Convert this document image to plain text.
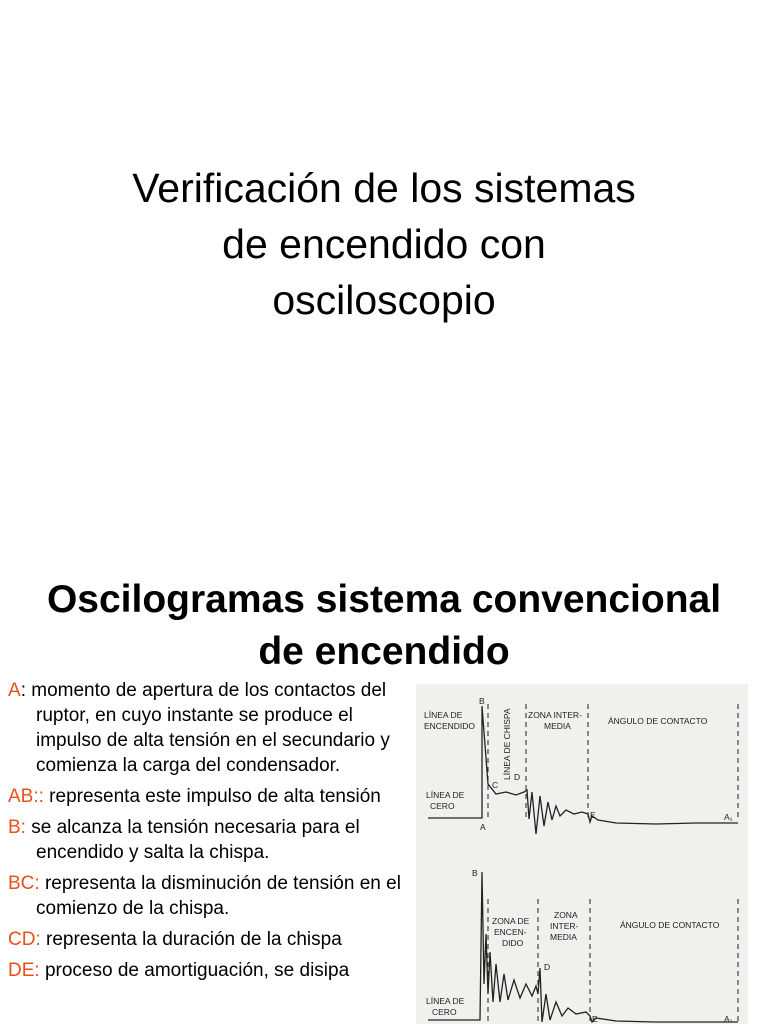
Verificación de los sistemas
de encendido con
osciloscopio
Oscilogramas sistema convencional
de encendido
A: momento de apertura de los contactos del ruptor, en cuyo instante se produce el impulso de alta tensión en el secundario y comienza la carga del condensador.
AB:: representa este impulso de alta tensión
B: se alcanza la tensión necesaria para el encendido y salta la chispa.
BC: representa la disminución de tensión en el comienzo de la chispa.
CD: representa la duración de la chispa
DE: proceso de amortiguación, se disipa
LÍNEA DE
ENCENDIDO	LÍNEA DE CHISPA ZONA INTER-
MEDIA	ÁNGULO DE CONTACTO
LÍNEA DE
CERO
B
C
D
A
E	A₁
ZONA DE
ENCEN-
DIDO
ZONA
INTER-
MEDIA
ÁNGULO DE CONTACTO
LÍNEA DE
CERO
B
D
E	A₁
